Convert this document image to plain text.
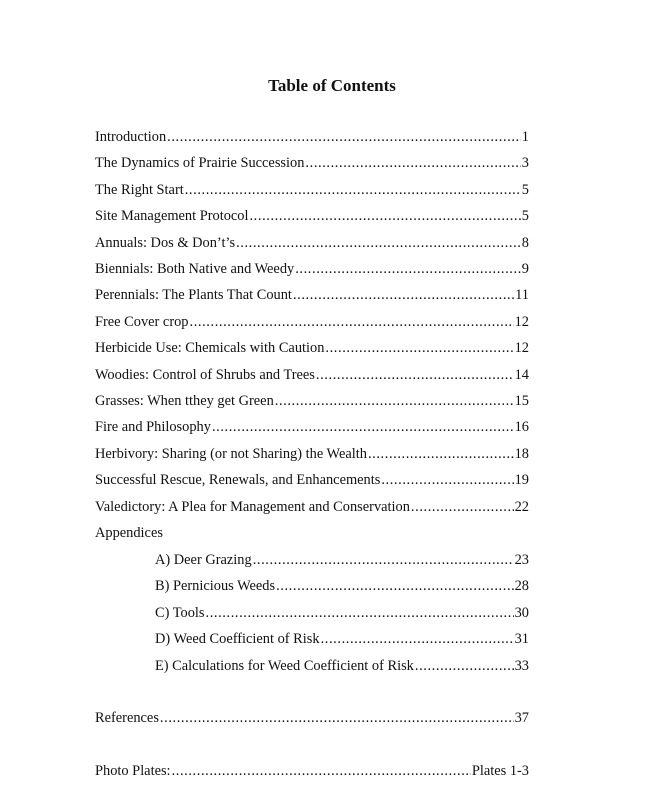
Table of Contents
Introduction .....	1
The Dynamics of Prairie Succession .....	3
The Right Start .....	5
Site Management Protocol .....	5
Annuals: Dos & Don’t’s .....	8
Biennials: Both Native and Weedy .....	9
Perennials: The Plants That Count .....	11
Free Cover crop .....	12
Herbicide Use: Chemicals with Caution .....	12
Woodies: Control of Shrubs and Trees .....	14
Grasses: When tthey get Green .....	15
Fire and Philosophy .....	16
Herbivory: Sharing (or not Sharing) the Wealth .....	18
Successful Rescue, Renewals, and Enhancements .....	19
Valedictory: A Plea for Management and Conservation .....	22
Appendices
A) Deer Grazing .....	23
B) Pernicious Weeds .....	28
C) Tools .....	30
D) Weed Coefficient of Risk .....	31
E) Calculations for Weed Coefficient of Risk .....	33
References .....	37
Photo Plates: .....	Plates 1-3
